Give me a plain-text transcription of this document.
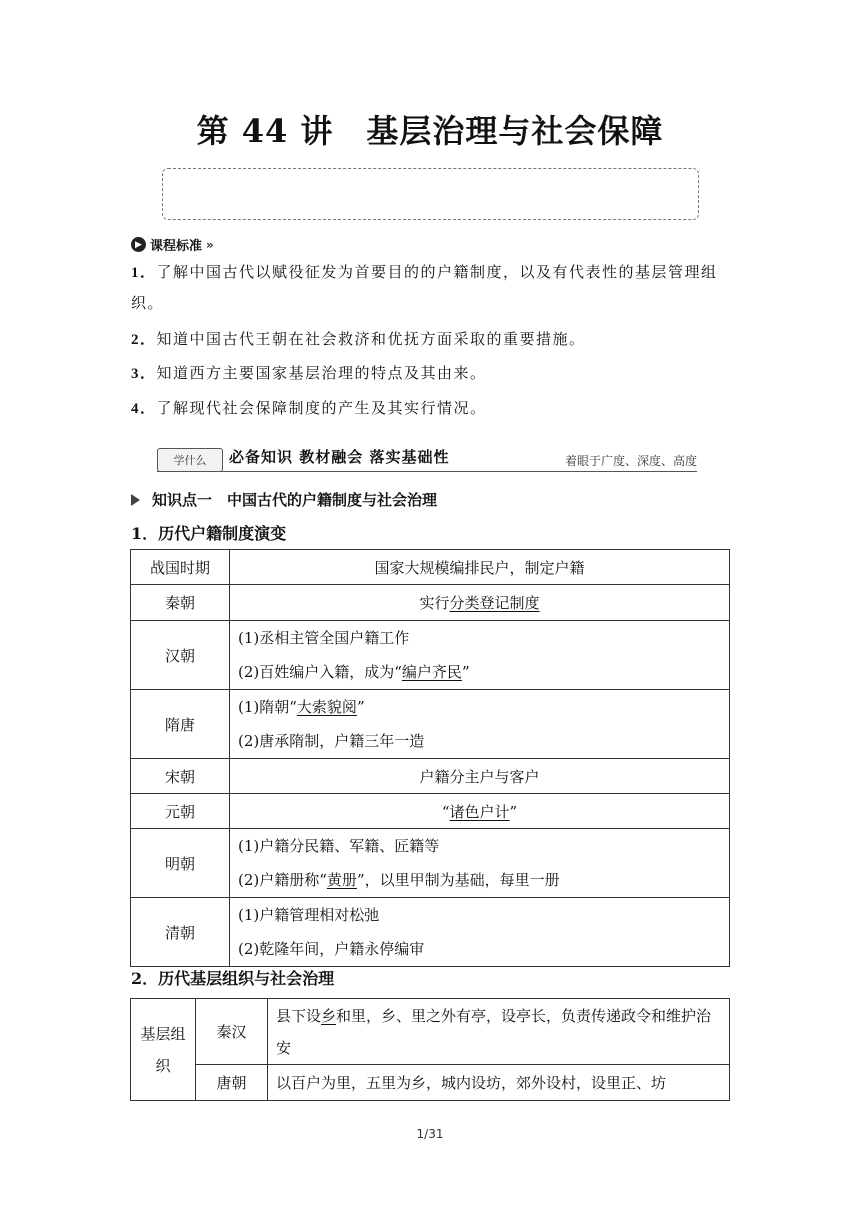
第 44 讲　基层治理与社会保障
▶ 课程标准 »
1．了解中国古代以赋役征发为首要目的的户籍制度，以及有代表性的基层管理组织。
2．知道中国古代王朝在社会救济和优抚方面采取的重要措施。
3．知道西方主要国家基层治理的特点及其由来。
4．了解现代社会保障制度的产生及其实行情况。
学什么	必备知识 教材融会 落实基础性	着眼于广度、深度、高度
知识点一　中国古代的户籍制度与社会治理
1．历代户籍制度演变
战国时期	国家大规模编排民户，制定户籍
秦朝	实行分类登记制度
汉朝	(1)丞相主管全国户籍工作
(2)百姓编户入籍，成为“编户齐民”

隋唐	(1)隋朝“大索貌阅”
(2)唐承隋制，户籍三年一造

宋朝	户籍分主户与客户
元朝	“诸色户计”
明朝	(1)户籍分民籍、军籍、匠籍等
(2)户籍册称“黄册”，以里甲制为基础，每里一册

清朝	(1)户籍管理相对松弛
(2)乾隆年间，户籍永停编审
2．历代基层组织与社会治理
基层组织	秦汉	县下设乡和里，乡、里之外有亭，设亭长，负责传递政令和维护治安
	唐朝	以百户为里，五里为乡，城内设坊，郊外设村，设里正、坊
1/31
